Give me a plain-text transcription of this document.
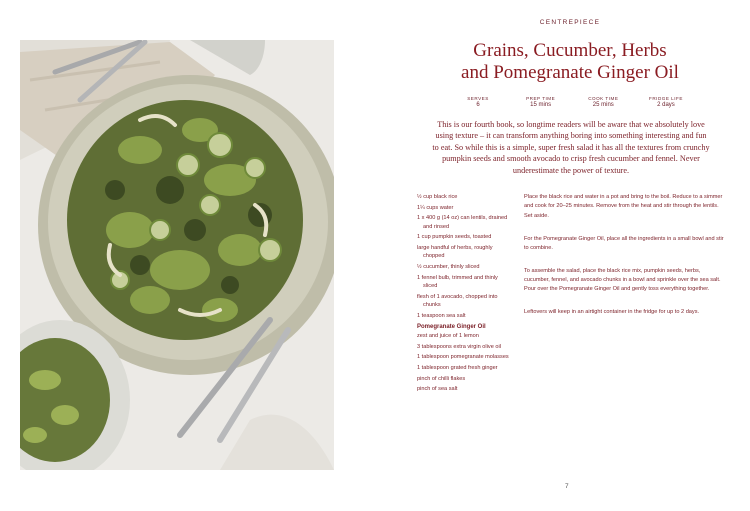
CENTREPIECE
Grains, Cucumber, Herbs
and Pomegranate Ginger Oil
SERVES
6
PREP TIME
15 mins
COOK TIME
25 mins
FRIDGE LIFE
2 days
This is our fourth book, so longtime readers will be aware that we absolutely love using texture – it can transform anything boring into something interesting and fun to eat. So while this is a simple, super fresh salad it has all the textures from crunchy pumpkin seeds and smooth avocado to crisp fresh cucumber and fennel. Never underestimate the power of texture.
½ cup black rice
1¼ cups water
1 x 400 g (14 oz) can lentils, drained and rinsed
1 cup pumpkin seeds, toasted
large handful of herbs, roughly chopped
½ cucumber, thinly sliced
1 fennel bulb, trimmed and thinly sliced
flesh of 1 avocado, chopped into chunks
1 teaspoon sea salt
Pomegranate Ginger Oil
zest and juice of 1 lemon
3 tablespoons extra virgin olive oil
1 tablespoon pomegranate molasses
1 tablespoon grated fresh ginger
pinch of chilli flakes
pinch of sea salt

Place the black rice and water in a pot and bring to the boil. Reduce to a simmer and cook for 20–25 minutes. Remove from the heat and stir through the lentils. Set aside.

For the Pomegranate Ginger Oil, place all the ingredients in a small bowl and stir to combine.

To assemble the salad, place the black rice mix, pumpkin seeds, herbs, cucumber, fennel, and avocado chunks in a bowl and sprinkle over the sea salt. Pour over the Pomegranate Ginger Oil and gently toss everything together.

Leftovers will keep in an airtight container in the fridge for up to 2 days.

7
